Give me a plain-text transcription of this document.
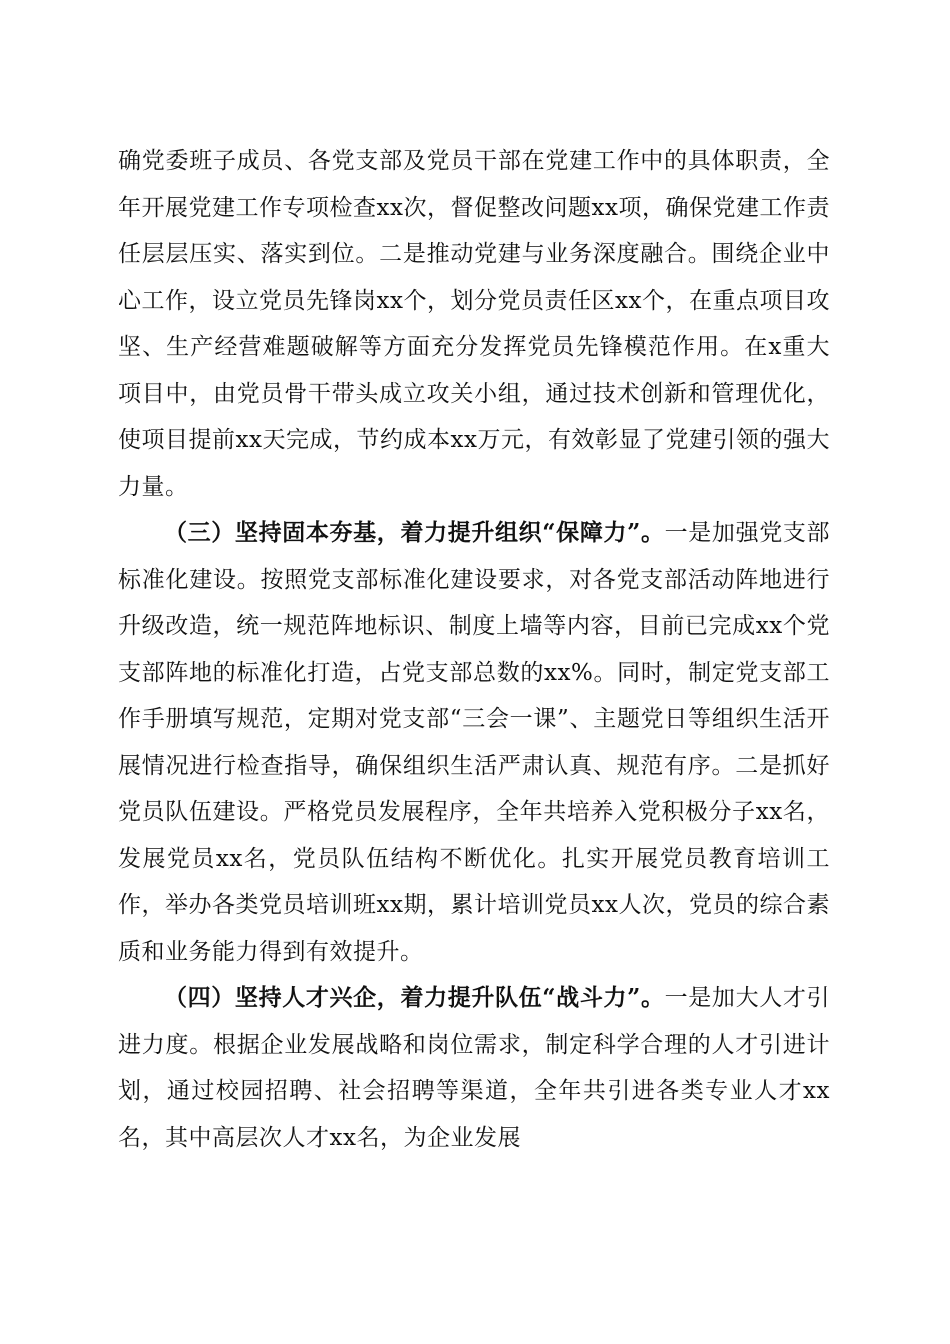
确党委班子成员、各党支部及党员干部在党建工作中的具体职责，全年开展党建工作专项检查xx次，督促整改问题xx项，确保党建工作责任层层压实、落实到位。二是推动党建与业务深度融合。围绕企业中心工作，设立党员先锋岗xx个，划分党员责任区xx个，在重点项目攻坚、生产经营难题破解等方面充分发挥党员先锋模范作用。在x重大项目中，由党员骨干带头成立攻关小组，通过技术创新和管理优化，使项目提前xx天完成，节约成本xx万元，有效彰显了党建引领的强大力量。

（三）坚持固本夯基，着力提升组织“保障力”。一是加强党支部标准化建设。按照党支部标准化建设要求，对各党支部活动阵地进行升级改造，统一规范阵地标识、制度上墙等内容，目前已完成xx个党支部阵地的标准化打造，占党支部总数的xx%。同时，制定党支部工作手册填写规范，定期对党支部“三会一课”、主题党日等组织生活开展情况进行检查指导，确保组织生活严肃认真、规范有序。二是抓好党员队伍建设。严格党员发展程序，全年共培养入党积极分子xx名，发展党员xx名，党员队伍结构不断优化。扎实开展党员教育培训工作，举办各类党员培训班xx期，累计培训党员xx人次，党员的综合素质和业务能力得到有效提升。

（四）坚持人才兴企，着力提升队伍“战斗力”。一是加大人才引进力度。根据企业发展战略和岗位需求，制定科学合理的人才引进计划，通过校园招聘、社会招聘等渠道，全年共引进各类专业人才xx名，其中高层次人才xx名，为企业发展
